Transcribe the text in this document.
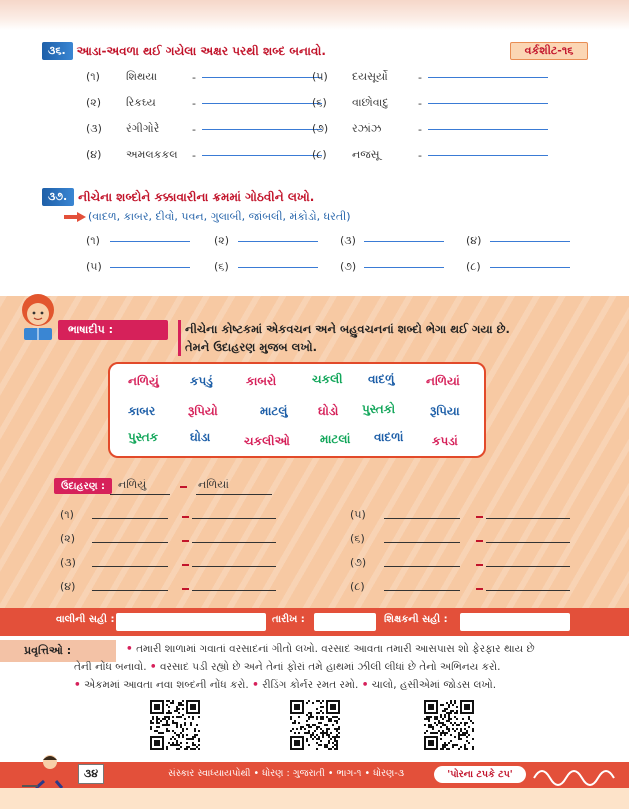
૩૬. આડા-અવળા થઈ ગયેલા અક્ષર પરથી શબ્દ બનાવો.	વર્કશીટ-૧૬
(૧)	શિથયા	-
(૨)	રિકઘ્ય	-
(૩)	રંગીગોરે	-
(૪)	અમલકકલ	-
(૫)	દયસૂર્યો	-
(૬)	વાછોવાદુ	-
(૭)	રઝાંઝ	-
(૮)	નજસૂ	-
૩૭. નીચેના શબ્દોને કક્કાવારીના ક્રમમાં ગોઠવીને લખો.
(વાદળ, કાબર, દીવો, પવન, ગુલાબી, જાંબલી, મંકોડો, ધરતી)
(૧)	(૨)	(૩)	(૪)
(૫)	(૬)	(૭)	(૮)
ભાષાદીપ :	નીચેના કોષ્ટકમાં એકવચન અને બહુવચનનાં શબ્દો ભેગા થઈ ગયા છે.
તેમને ઉદાહરણ મુજબ લખો.
નળિયું	કપડું	કાબરો	ચકલી વાદળું	નળિયાં
કાબર	રૂપિયો	માટલું	ઘોડો પુસ્તકો	રૂપિયા
પુસ્તક	ઘોડા	ચકલીઓ	માટલાં વાદળાં કપડાં
ઉદાહરણ :	નળિયું	નળિયાં
(૧)
(૨)
(૩)
(૪)
(૫)
(૬)
(૭)
(૮)
વાલીની સહી :	તારીખ :	શિક્ષકની સહી :
પ્રવૃત્તિઓ :	• તમારી શાળામાં ગવાતાં વરસાદનાં ગીતો લખો. વરસાદ આવતા તમારી આસપાસ શો ફેરફાર થાય છે
તેની નોંધ બનાવો. • વરસાદ પડી રહ્યો છે અને તેનાં ફોરાં તમે હાથમાં ઝીલી લીધાં છે તેનો અભિનય કરો.
• એકમમાં આવતા નવા શબ્દની નોંધ કરો. • રીડિંગ કોર્નર રમત રમો. • ચાલો, હસીએમાં જોડસ લખો.
૩૪	સંસ્કાર સ્વાધ્યાયપોથી • ધોરણ : ગુજરાતી • ભાગ-૧ • ધોરણ-૩	'પોરના ટપકે ટપ'
